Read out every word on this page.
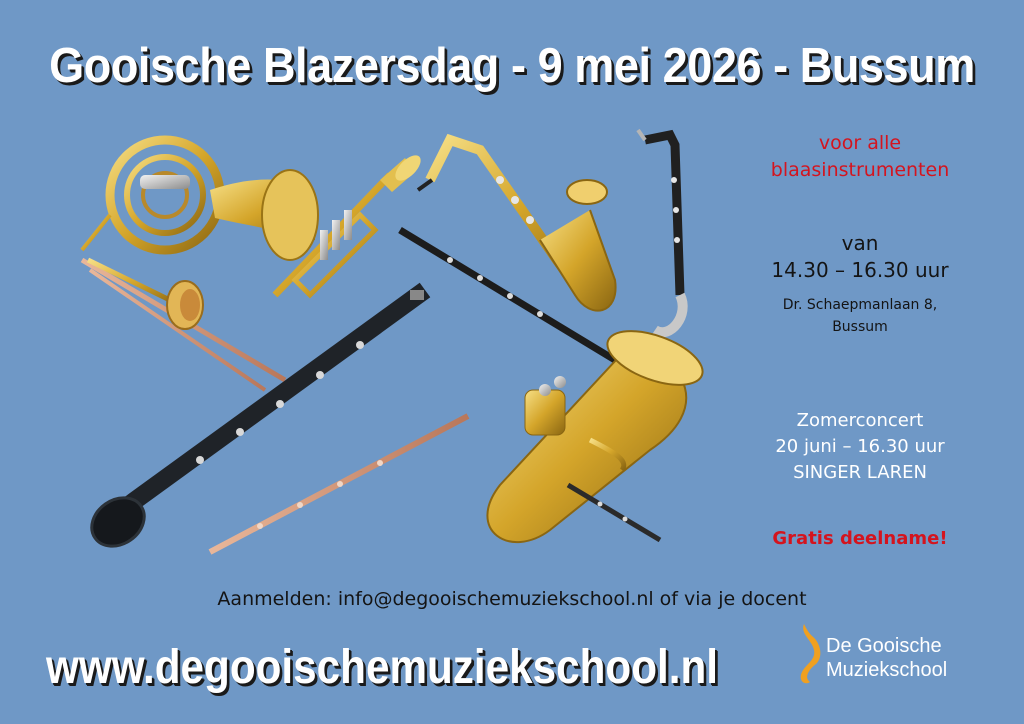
Gooische Blazersdag - 9 mei 2026 - Bussum
voor alle
blaasinstrumenten
van
14.30 – 16.30 uur
Dr. Schaepmanlaan 8,
Bussum
Zomerconcert
20 juni – 16.30 uur
SINGER LAREN
Gratis deelname!
Aanmelden: info@degooischemuziekschool.nl of via je docent
www.degooischemuziekschool.nl	De Gooische
Muziekschool
